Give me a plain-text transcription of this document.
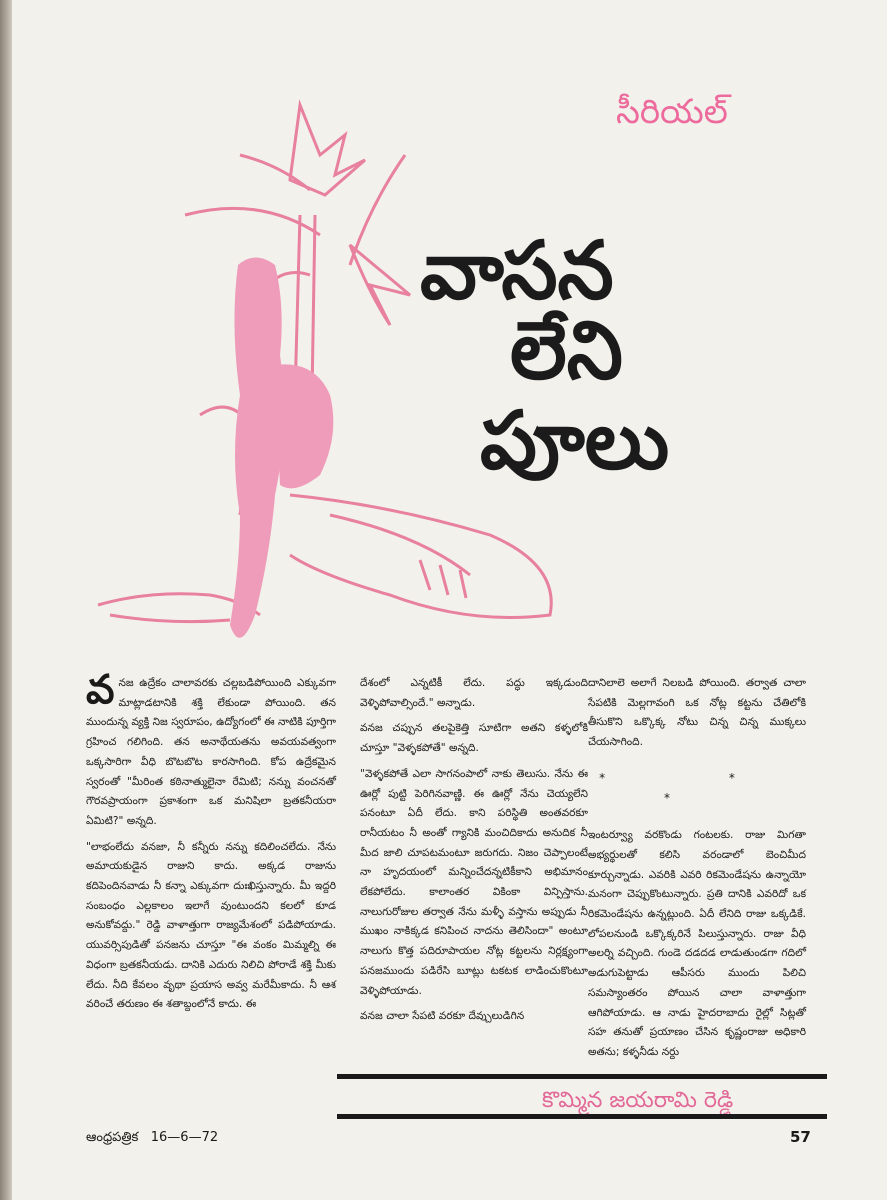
సీరియల్
వాసన
లేని
పూలు

వనజ ఉద్రేకం చాలావరకు చల్లబడిపోయింది ఎక్కువగా మాట్లాడటానికి శక్తి లేకుండా పోయింది. తన ముందున్న వ్యక్తి నిజ స్వరూపం, ఉద్యోగంలో ఈ నాటికి పూర్తిగా గ్రహించ గలిగింది. తన అనాథేయతను అవయవత్వంగా ఒక్కసారిగా వీధి బొటబొట కారసాగింది. కోప ఉద్రేకమైన స్వరంతో "మీరింత కఠినాత్ములైనా రేమిటి; నన్ను వంచనతో గౌరవప్రాయంగా ప్రకాశంగా ఒక మనిషిలా బ్రతకనీయరా ఏమిటి?" అన్నది.

"లాభంలేదు వనజా, నీ కన్నీరు నన్ను కదిలించలేదు. నేను అమాయకుడైన రాజుని కాదు. అక్కడ రాజును కదిపెందినవాడు నీ కన్నా ఎక్కువగా దుఃఖిస్తున్నారు. మీ ఇద్దరి సంబంధం ఎల్లకాలం ఇలాగే వుంటుందని కలలో కూడ అనుకోవద్దు." రెడ్డి వాళాత్తుగా రాజ్యమేశంలో పడిపోయాడు. యువర్సిపుడితో పనజను చూస్తూ "ఈ వంకం మిమ్మల్ని ఈ విధంగా బ్రతకనీయడు. దానికి ఎదురు నిలిచి పోరాడే శక్తి మీకు లేదు. నీది కేవలం వృథా ప్రయాస అవ్వ మరేమీకాదు. నీ ఆశ వరించే తరుణం ఈ శతాబ్దంలోనే కాదు. ఈ

దేశంలో ఎన్నటికీ లేదు. పద్ధు ఇక్కడుంది వెళ్ళిపోవాల్సిందే." అన్నాడు.

వనజ చప్పున తలపైకెత్తి సూటిగా అతని కళ్ళలోకి చూస్తూ "వెళ్ళకపోతే" అన్నది.

"వెళ్ళకపోతే ఎలా సాగనంపాలో నాకు తెలుసు. నేను ఈ ఊర్లో పుట్టి పెరిగినవాణ్ణి. ఈ ఊర్లో నేను చెయ్యలేని పనంటూ ఏదీ లేదు. కాని పరిస్థితి అంతవరకూ రానీయటం నీ అంతో గ్యానికి మంచిదికాదు అనుదిక నీ మీద జాలి చూపటమంటూ జరుగదు. నిజం చెప్పాలంటే నా హృదయంలో మన్నించేదన్నటికీకాని అభిమానం లేకపోలేదు. కాలాంతర వికింకా విన్పిస్తాను. నాలుగురోజుల తర్వాత నేను మళ్ళీ వస్తాను అప్పుడు నీ ముఖం నాకిక్కడ కనిపించ నాదను తెలిసిందా" అంటూ నాలుగు కొత్త పదిరూపాయల నోట్ల కట్టలను నిర్లక్ష్యంగా పనజముందు పడిరేసి బూట్లు టకటక లాడించుకొంటూ వెళ్ళిపోయాడు.

వనజ చాలా సేపటి వరకూ దేవ్చులుడిగిన

దానిలాలె అలాగే నిలబడి పోయింది. తర్వాత చాలా సేపటికి మెల్లగావంగి ఒక నోట్ల కట్టను చేతిలోకి తీసుకొని ఒక్కొక్క నోటు చిన్న చిన్న ముక్కలు చేయసాగింది.

* * *

ఇంటర్వ్యూ వరకొండు గంటలకు. రాజు మిగతా అభ్యర్థులతో కలిసి వరండాలో బెంచిమీద కూర్చున్నాడు. ఎవరికి ఎవరి రికమెండేషను ఉన్నాయో మనంగా చెప్పుకొంటున్నారు. ప్రతి దానికి ఎవరిదో ఒక రికమెండేషను ఉన్నట్లుంది. ఏదీ లేనిది రాజు ఒక్కడికే. లోపలనుండి ఒక్కొక్కరినే పిలుస్తున్నారు. రాజు వీధి అలర్ని వచ్చింది. గుండె దడదడ లాడుతుండగా గదిలో అడుగుపెట్టాడు ఆపీసరు ముందు పిలిచి సమస్యాంతరం పోయిన చాలా వాళాత్తుగా ఆగిపోయాడు. ఆ నాడు హైదరాబాదు రైల్లో సిట్లతో సహ తనుతో ప్రయాణం చేసిన కృష్ణంరాజు అధికారి అతను; కళ్ళనీడు నర్దు

కొమ్మిన జయరామి రెడ్డి
ఆంధ్రపత్రిక 16—6—72	57
